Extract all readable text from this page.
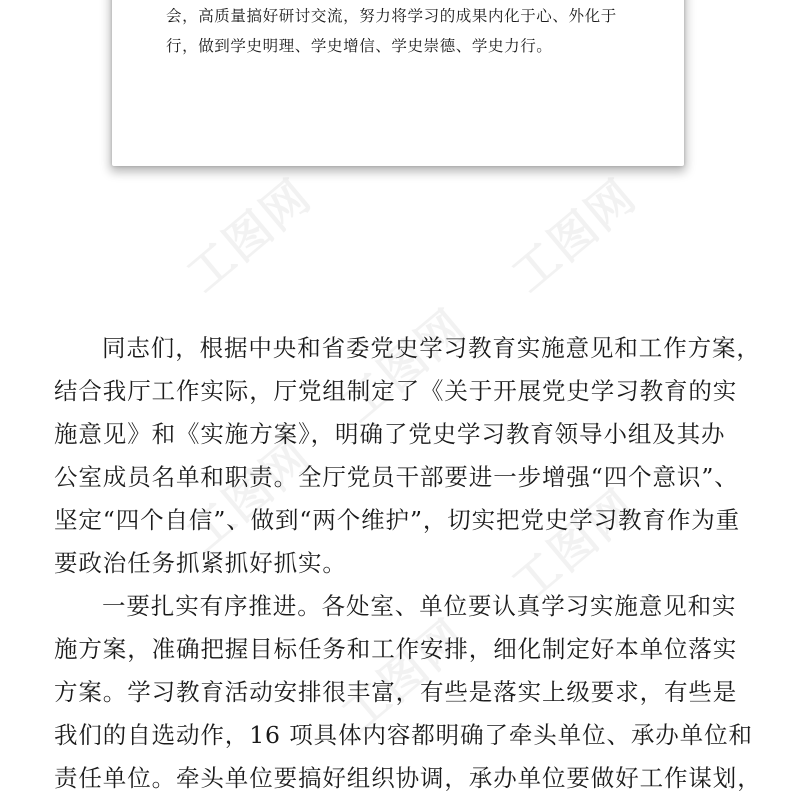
工图网	工图网
工图网
工图网	工图网
工图网

会，高质量搞好研讨交流，努力将学习的成果内化于心、外化于
行，做到学史明理、学史增信、学史崇德、学史力行。

同志们，根据中央和省委党史学习教育实施意见和工作方案，
结合我厅工作实际，厅党组制定了《关于开展党史学习教育的实
施意见》和《实施方案》，明确了党史学习教育领导小组及其办
公室成员名单和职责。全厅党员干部要进一步增强“四个意识”、
坚定“四个自信”、做到“两个维护”，切实把党史学习教育作为重
要政治任务抓紧抓好抓实。
一要扎实有序推进。各处室、单位要认真学习实施意见和实
施方案，准确把握目标任务和工作安排，细化制定好本单位落实
方案。学习教育活动安排很丰富，有些是落实上级要求，有些是
我们的自选动作，16 项具体内容都明确了牵头单位、承办单位和
责任单位。牵头单位要搞好组织协调，承办单位要做好工作谋划，
